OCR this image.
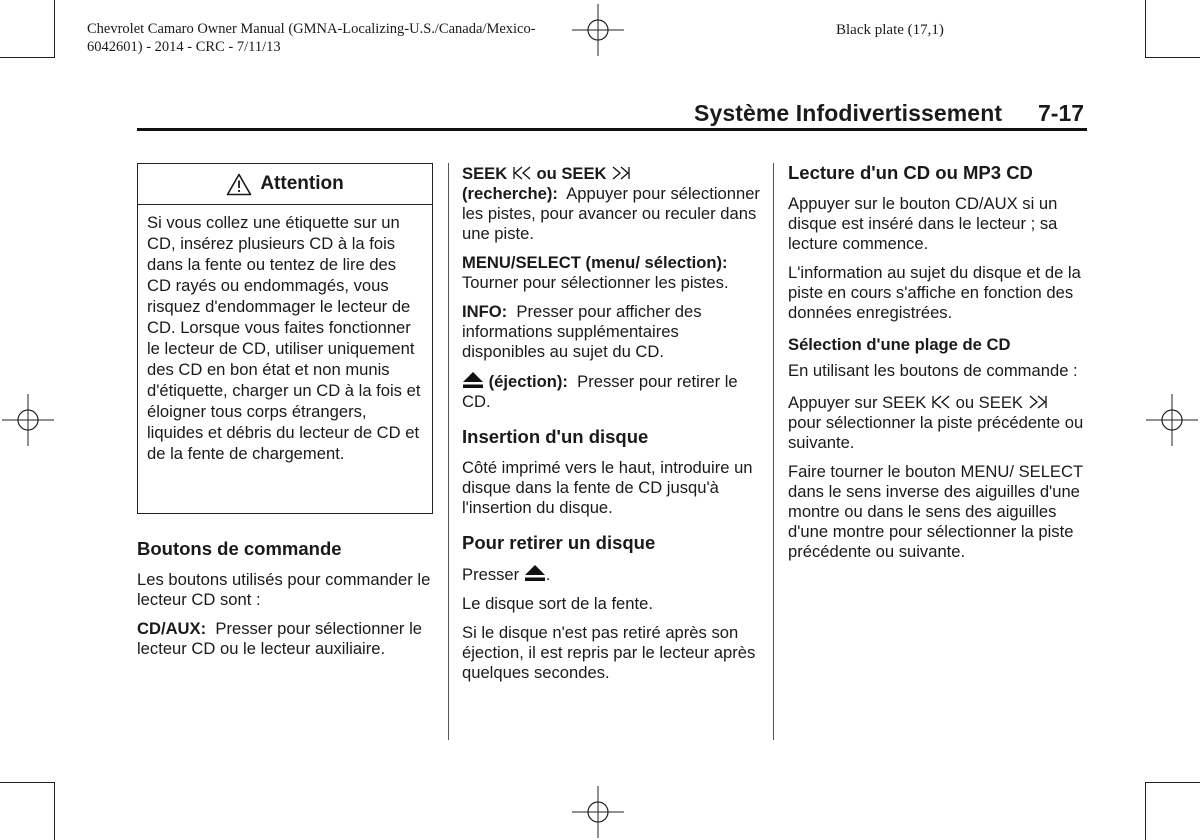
Chevrolet Camaro Owner Manual (GMNA-Localizing-U.S./Canada/Mexico-
6042601) - 2014 - CRC - 7/11/13
Black plate (17,1)
Système Infodivertissement 7-17
Attention
Si vous collez une étiquette sur un CD, insérez plusieurs CD à la fois dans la fente ou tentez de lire des CD rayés ou endommagés, vous risquez d'endommager le lecteur de CD. Lorsque vous faites fonctionner le lecteur de CD, utiliser uniquement des CD en bon état et non munis d'étiquette, charger un CD à la fois et éloigner tous corps étrangers, liquides et débris du lecteur de CD et de la fente de chargement.
Boutons de commande

Les boutons utilisés pour commander le lecteur CD sont :

CD/AUX: Presser pour sélectionner le lecteur CD ou le lecteur auxiliaire.

SEEK ou SEEK
(recherche): Appuyer pour sélectionner les pistes, pour avancer ou reculer dans une piste.

MENU/SELECT (menu/ sélection):  Tourner pour sélectionner les pistes.

INFO: Presser pour afficher des informations supplémentaires disponibles au sujet du CD.

(éjection): Presser pour retirer le CD.

Insertion d'un disque

Côté imprimé vers le haut, introduire un disque dans la fente de CD jusqu'à l'insertion du disque.

Pour retirer un disque

Presser .

Le disque sort de la fente.

Si le disque n'est pas retiré après son éjection, il est repris par le lecteur après quelques secondes.

Lecture d'un CD ou MP3 CD

Appuyer sur le bouton CD/AUX si un disque est inséré dans le lecteur ; sa lecture commence.

L'information au sujet du disque et de la piste en cours s'affiche en fonction des données enregistrées.

Sélection d'une plage de CD

En utilisant les boutons de commande :

Appuyer sur SEEK ou SEEK
pour sélectionner la piste précédente ou suivante.

Faire tourner le bouton MENU/ SELECT dans le sens inverse des aiguilles d'une montre ou dans le sens des aiguilles d'une montre pour sélectionner la piste précédente ou suivante.
